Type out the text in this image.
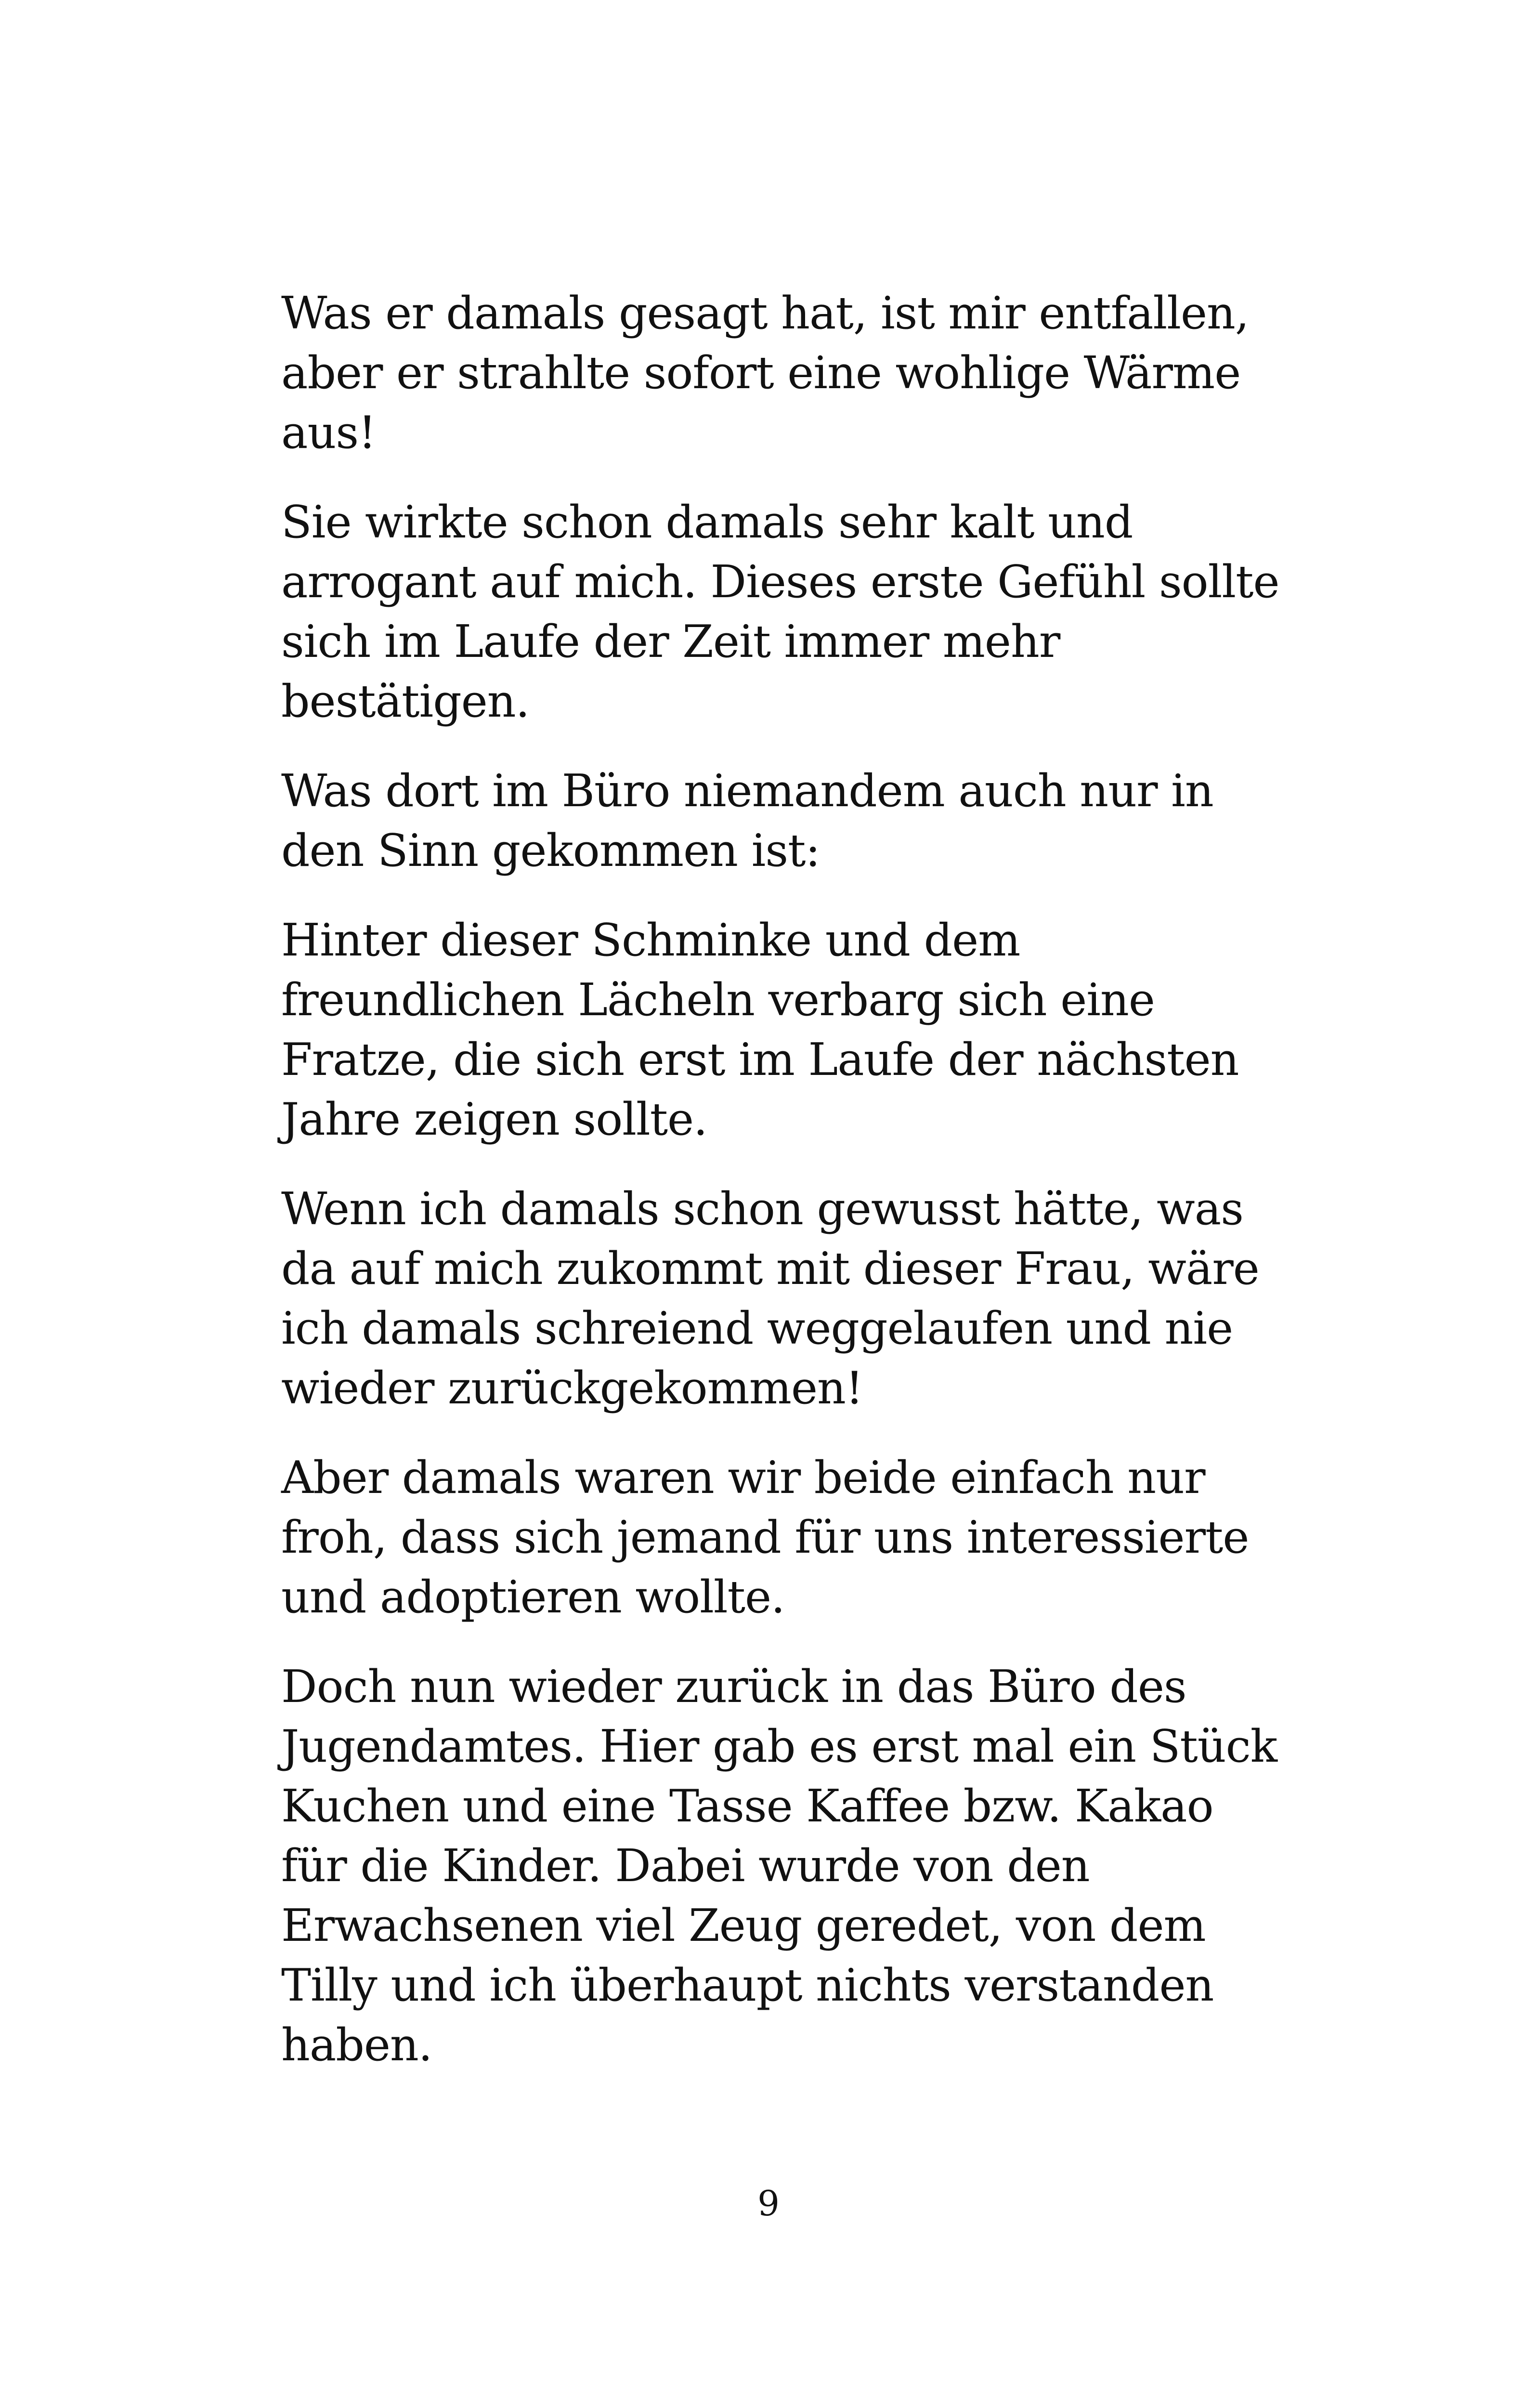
Was er damals gesagt hat, ist mir entfallen,
aber er strahlte sofort eine wohlige Wärme
aus!
Sie wirkte schon damals sehr kalt und
arrogant auf mich. Dieses erste Gefühl sollte
sich im Laufe der Zeit immer mehr
bestätigen.
Was dort im Büro niemandem auch nur in
den Sinn gekommen ist:
Hinter dieser Schminke und dem
freundlichen Lächeln verbarg sich eine
Fratze, die sich erst im Laufe der nächsten
Jahre zeigen sollte.
Wenn ich damals schon gewusst hätte, was
da auf mich zukommt mit dieser Frau, wäre
ich damals schreiend weggelaufen und nie
wieder zurückgekommen!
Aber damals waren wir beide einfach nur
froh, dass sich jemand für uns interessierte
und adoptieren wollte.
Doch nun wieder zurück in das Büro des
Jugendamtes. Hier gab es erst mal ein Stück
Kuchen und eine Tasse Kaffee bzw. Kakao
für die Kinder. Dabei wurde von den
Erwachsenen viel Zeug geredet, von dem
Tilly und ich überhaupt nichts verstanden
haben.
9
